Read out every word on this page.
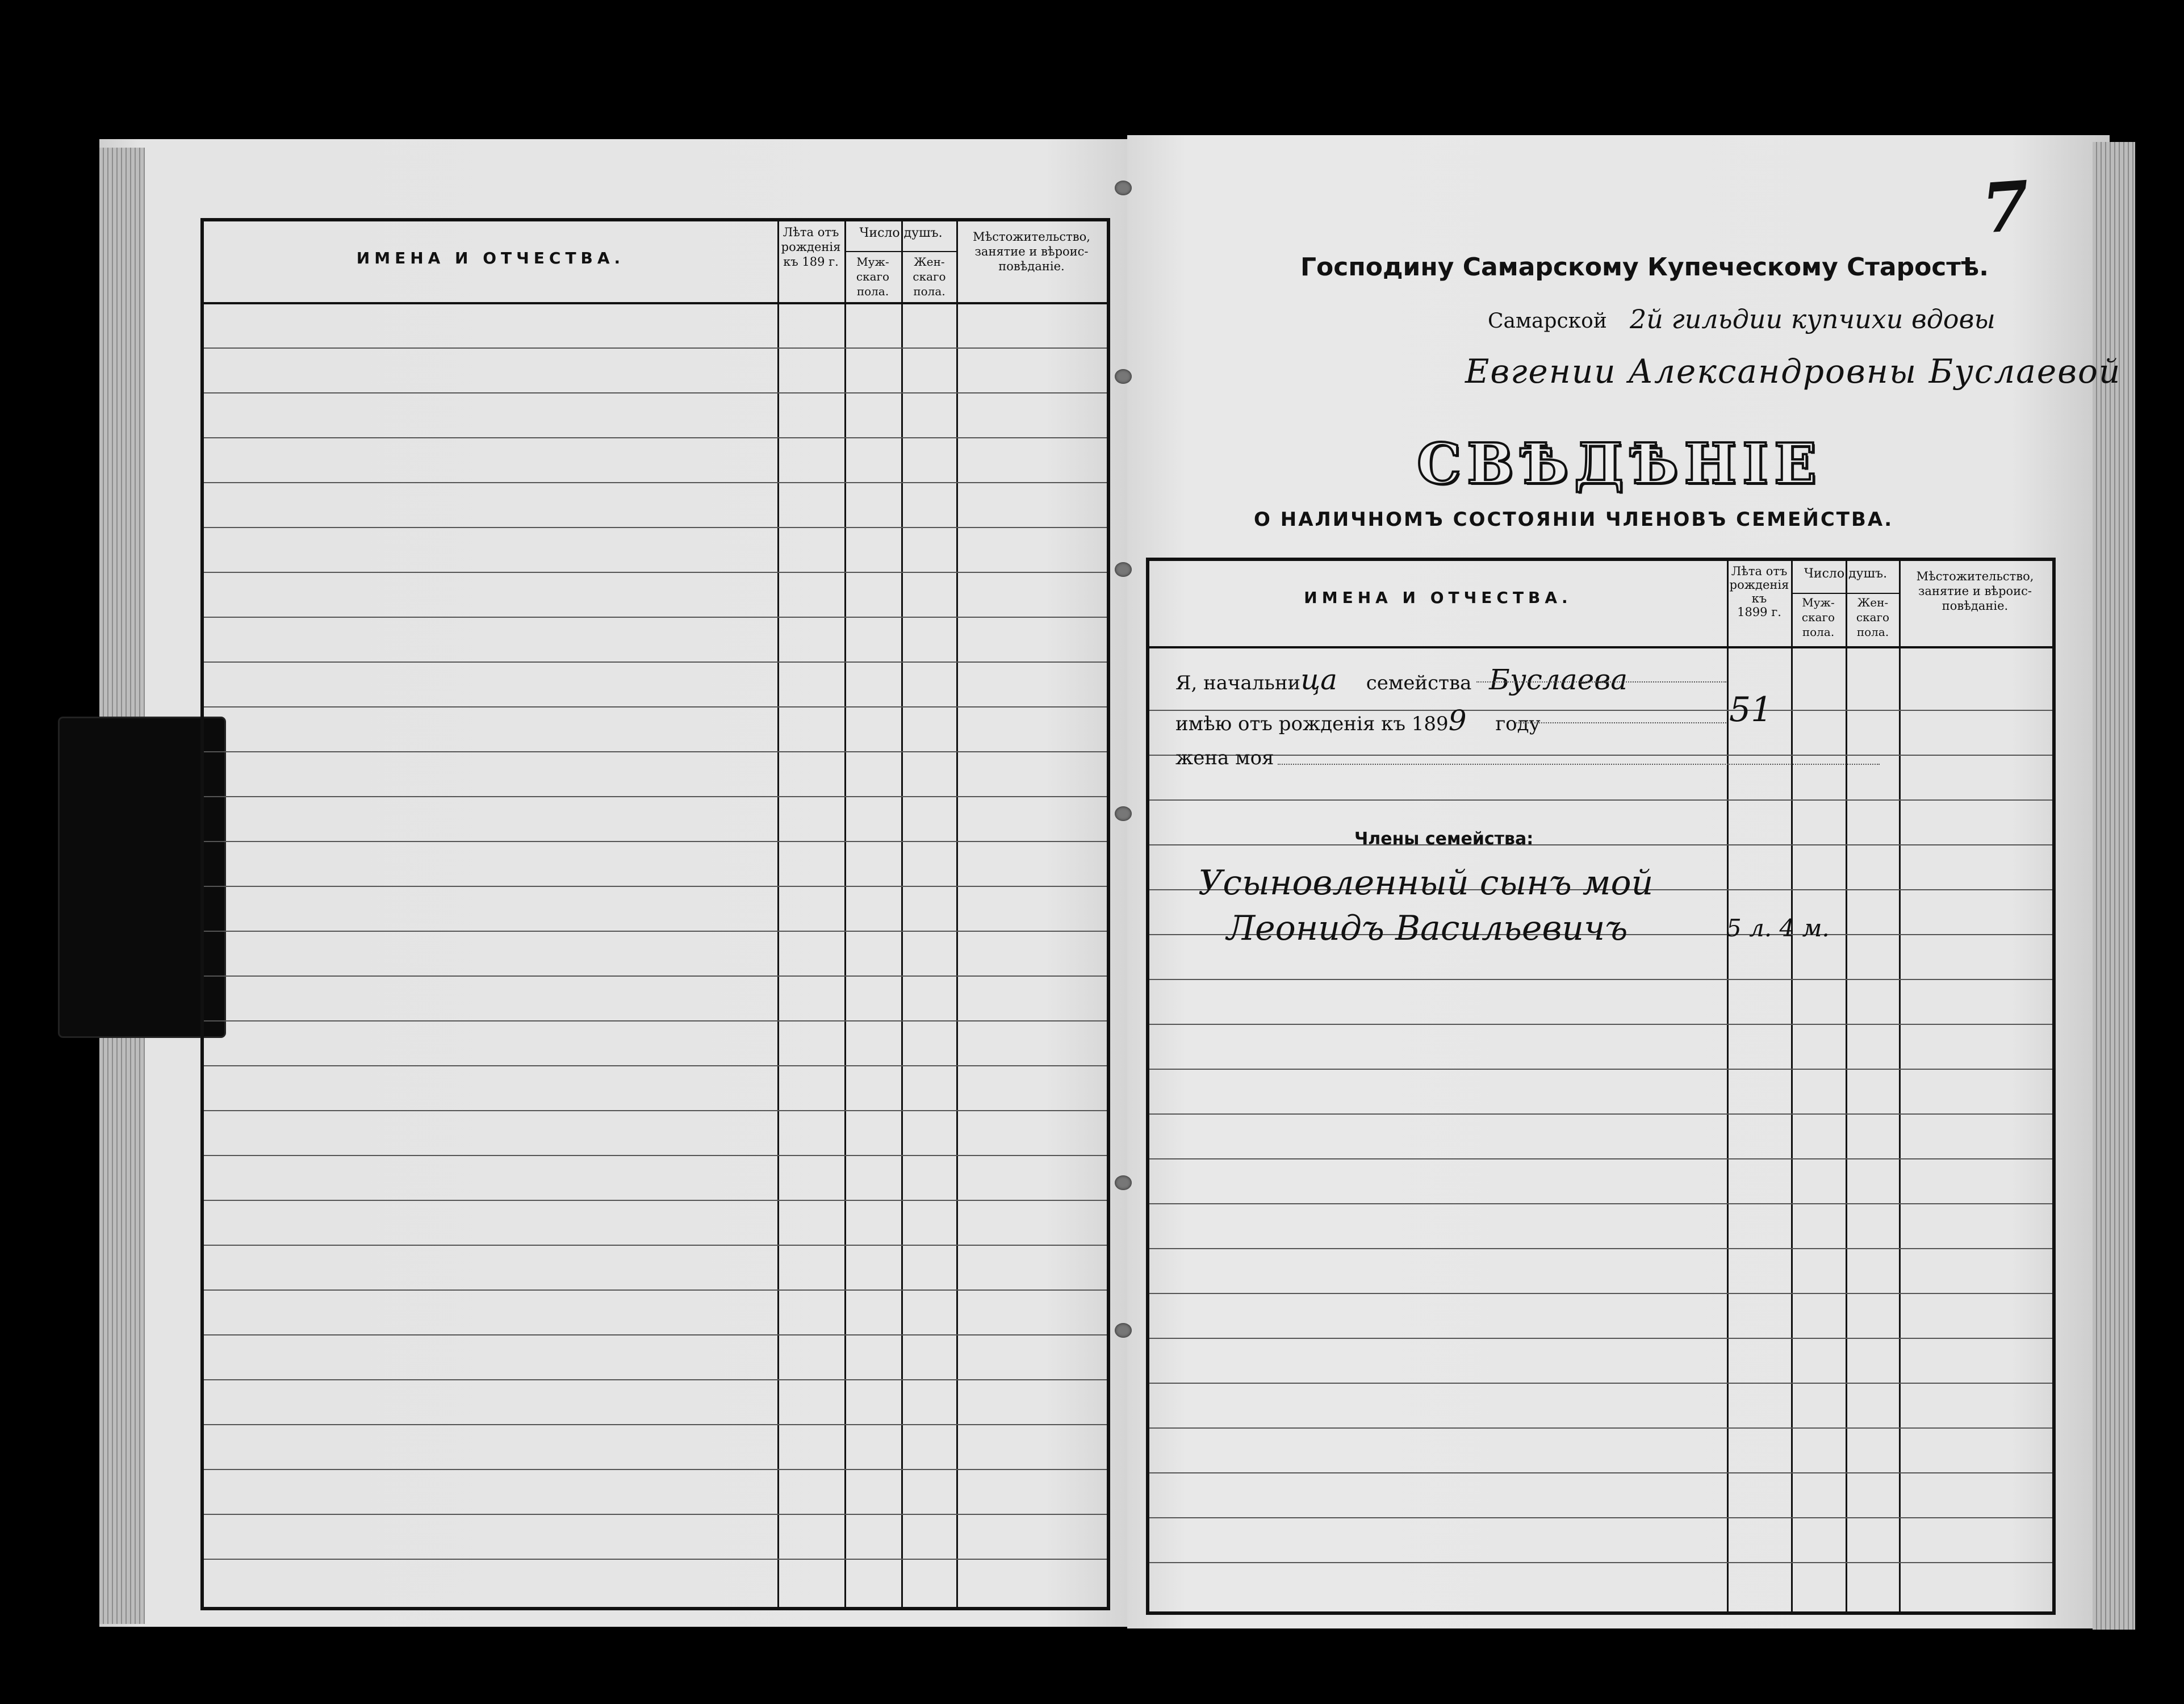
ИМЕНА И ОТЧЕСТВА.
Лѣта отъ рожденія къ 189 г.
Число душъ.
Муж- скаго пола.
Жен- скаго пола.
Мѣстожительство, занятие и вѣроис- повѣданіе.
7
Господину Самарскому Купеческому Староcтѣ.
Самарской 2й гильдии купчихи вдовы
Евгении Александровны Буслаевой
СВѢДѢНІЕ
О НАЛИЧНОМЪ СОСТОЯНІИ ЧЛЕНОВЪ СЕМЕЙСТВА.
ИМЕНА И ОТЧЕСТВА.
Лѣта отъ
рожденія
къ
1899 г.
Число душъ.
Муж- скаго пола.
Жен- скаго пола.
Мѣстожительство, занятие и вѣроис- повѣданіе.
Я, начальница семейства Буслаева
имѣю отъ рожденія къ 1899 году	51
жена моя
Члены семейства:
Усыновленный сынъ мой
Леонидъ Васильевичъ	5 л. 4 м.
